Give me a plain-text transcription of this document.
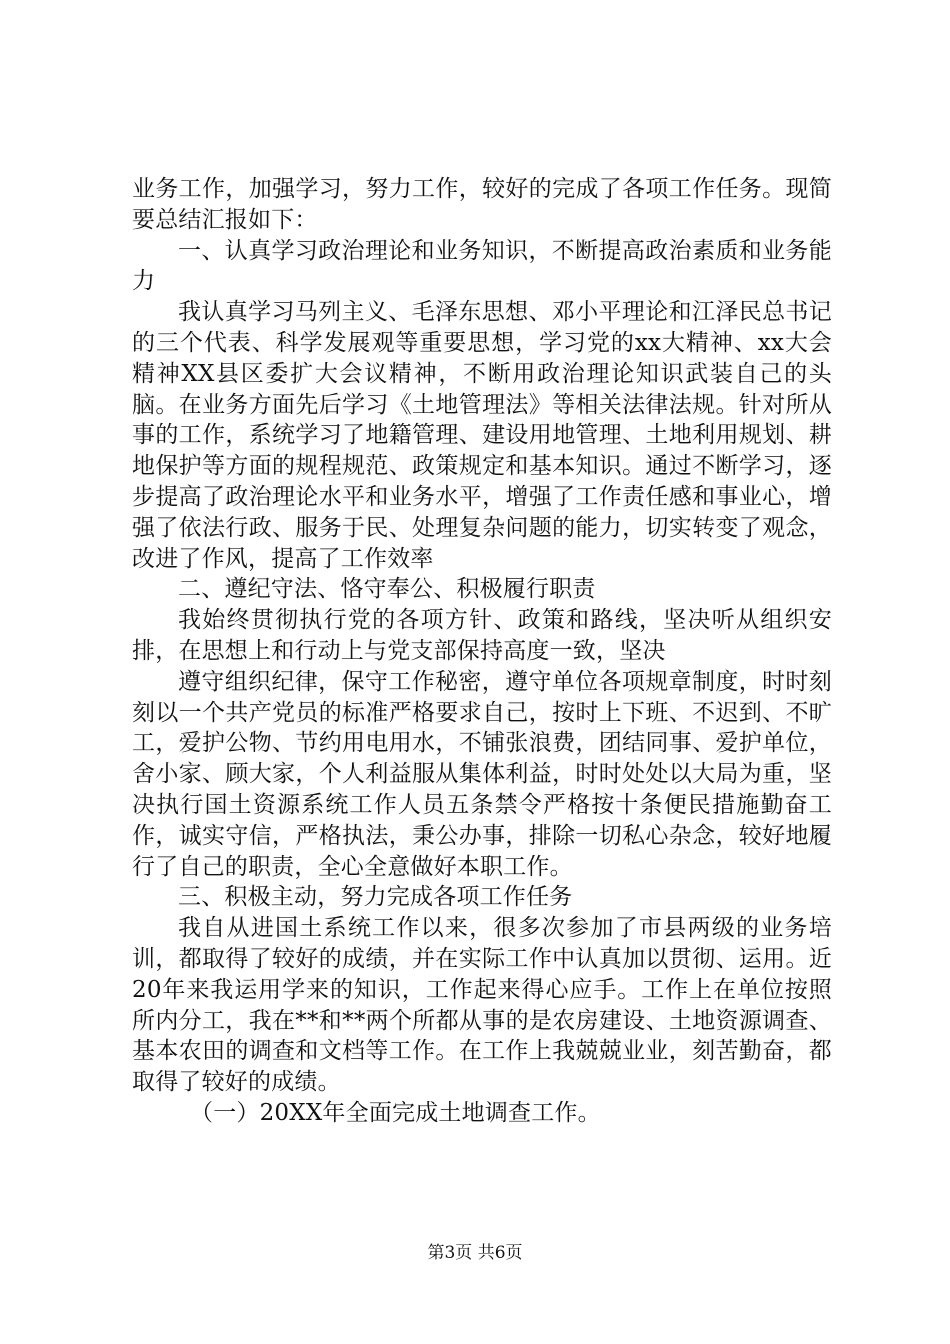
业务工作，加强学习，努力工作，较好的完成了各项工作任务。现简要总结汇报如下：

一、认真学习政治理论和业务知识，不断提高政治素质和业务能力

我认真学习马列主义、毛泽东思想、邓小平理论和江泽民总书记的三个代表、科学发展观等重要思想，学习党的xx大精神、xx大会精神XX县区委扩大会议精神，不断用政治理论知识武装自己的头脑。在业务方面先后学习《土地管理法》等相关法律法规。针对所从事的工作，系统学习了地籍管理、建设用地管理、土地利用规划、耕地保护等方面的规程规范、政策规定和基本知识。通过不断学习，逐步提高了政治理论水平和业务水平，增强了工作责任感和事业心，增强了依法行政、服务于民、处理复杂问题的能力，切实转变了观念，改进了作风，提高了工作效率

二、遵纪守法、恪守奉公、积极履行职责

我始终贯彻执行党的各项方针、政策和路线，坚决听从组织安排，在思想上和行动上与党支部保持高度一致，坚决

遵守组织纪律，保守工作秘密，遵守单位各项规章制度，时时刻刻以一个共产党员的标准严格要求自己，按时上下班、不迟到、不旷工，爱护公物、节约用电用水，不铺张浪费，团结同事、爱护单位，舍小家、顾大家，个人利益服从集体利益，时时处处以大局为重，坚决执行国土资源系统工作人员五条禁令严格按十条便民措施勤奋工作，诚实守信，严格执法，秉公办事，排除一切私心杂念，较好地履行了自己的职责，全心全意做好本职工作。

三、积极主动，努力完成各项工作任务

我自从进国土系统工作以来，很多次参加了市县两级的业务培训，都取得了较好的成绩，并在实际工作中认真加以贯彻、运用。近20年来我运用学来的知识，工作起来得心应手。工作上在单位按照所内分工，我在**和**两个所都从事的是农房建设、土地资源调查、基本农田的调查和文档等工作。在工作上我兢兢业业，刻苦勤奋，都取得了较好的成绩。

（一）20XX年全面完成土地调查工作。

第3页 共6页
